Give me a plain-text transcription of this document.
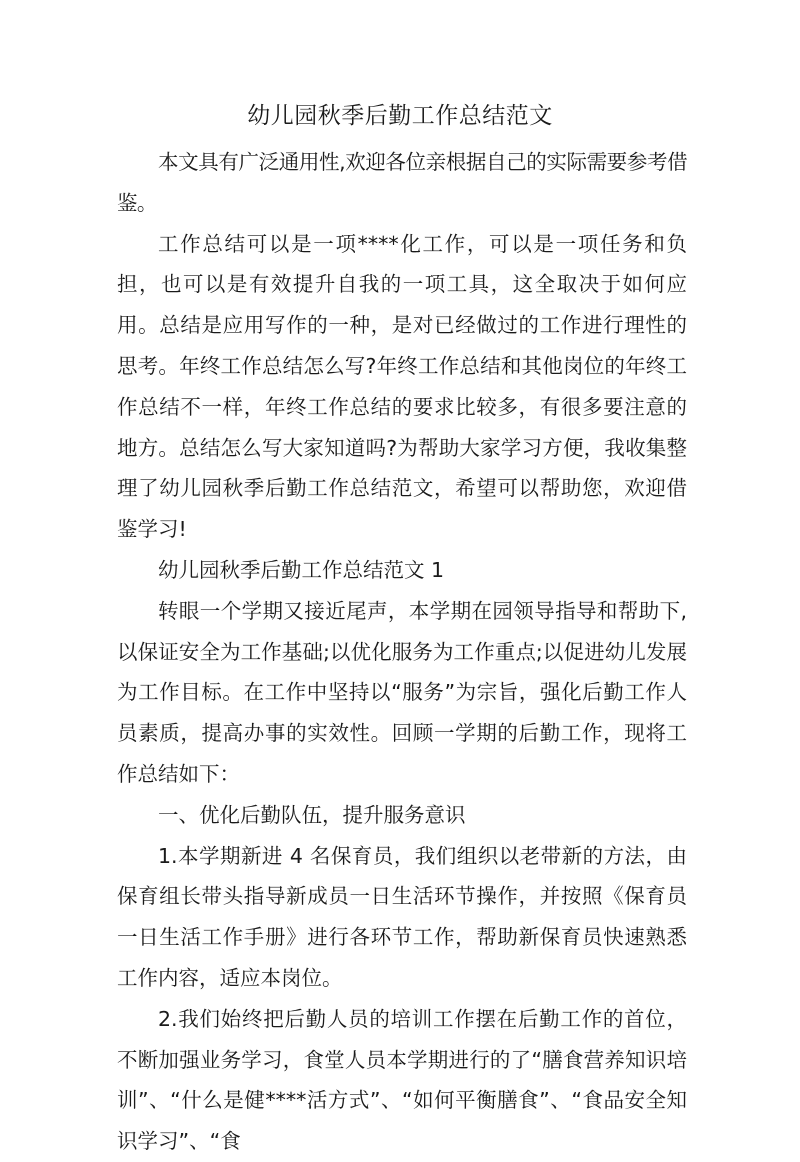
幼儿园秋季后勤工作总结范文

本文具有广泛通用性,欢迎各位亲根据自己的实际需要参考借鉴。

工作总结可以是一项****化工作，可以是一项任务和负担，也可以是有效提升自我的一项工具，这全取决于如何应用。总结是应用写作的一种，是对已经做过的工作进行理性的思考。年终工作总结怎么写?年终工作总结和其他岗位的年终工作总结不一样，年终工作总结的要求比较多，有很多要注意的地方。总结怎么写大家知道吗?为帮助大家学习方便，我收集整理了幼儿园秋季后勤工作总结范文，希望可以帮助您，欢迎借鉴学习!

幼儿园秋季后勤工作总结范文 1

转眼一个学期又接近尾声，本学期在园领导指导和帮助下,以保证安全为工作基础;以优化服务为工作重点;以促进幼儿发展为工作目标。在工作中坚持以“服务”为宗旨，强化后勤工作人员素质，提高办事的实效性。回顾一学期的后勤工作，现将工作总结如下：

一、优化后勤队伍，提升服务意识

1.本学期新进 4 名保育员，我们组织以老带新的方法，由保育组长带头指导新成员一日生活环节操作，并按照《保育员一日生活工作手册》进行各环节工作，帮助新保育员快速熟悉工作内容，适应本岗位。

2.我们始终把后勤人员的培训工作摆在后勤工作的首位，不断加强业务学习，食堂人员本学期进行的了“膳食营养知识培训”、“什么是健****活方式”、“如何平衡膳食”、“食品安全知识学习”、“食
